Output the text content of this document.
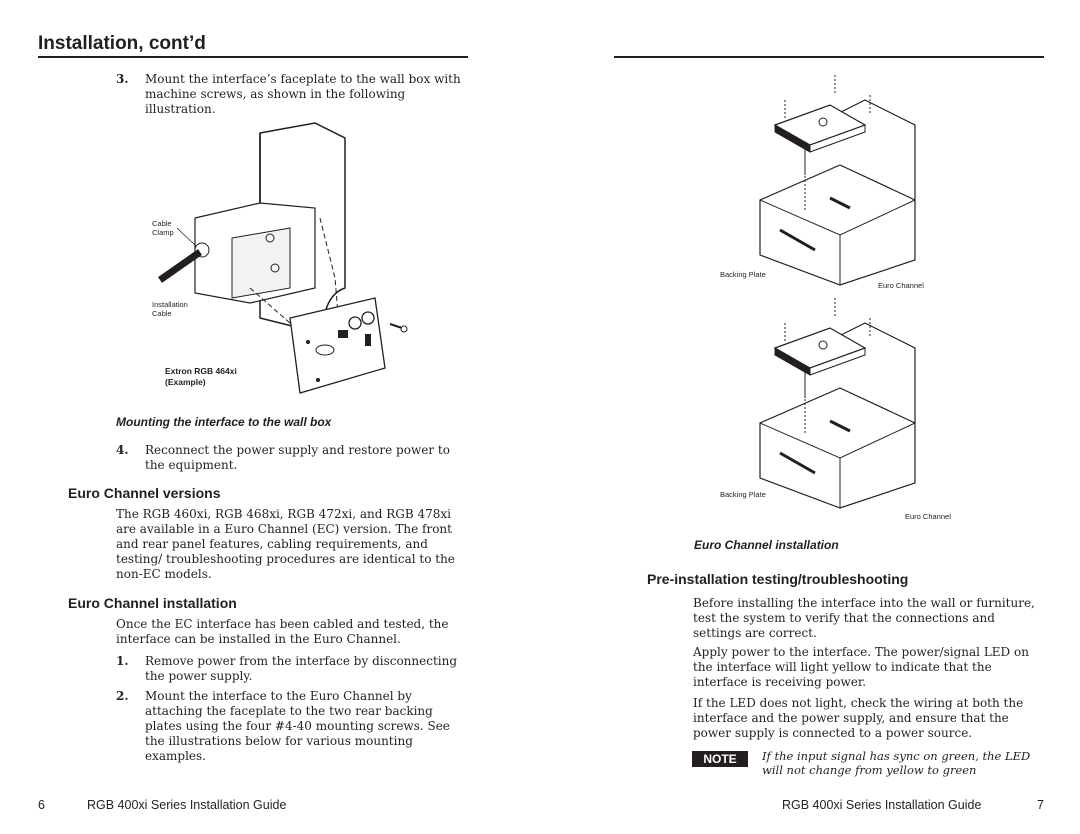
Installation, cont’d
3. Mount the interface’s faceplate to the wall box with machine screws, as shown in the following illustration.
Cable Clamp
Installation Cable
Extron RGB 464xi (Example)
Mounting the interface to the wall box
4. Reconnect the power supply and restore power to the equipment.
Euro Channel versions
The RGB 460xi, RGB 468xi, RGB 472xi, and RGB 478xi are available in a Euro Channel (EC) version. The front and rear panel features, cabling requirements, and testing/ troubleshooting procedures are identical to the non-EC models.
Euro Channel installation
Once the EC interface has been cabled and tested, the interface can be installed in the Euro Channel.
1. Remove power from the interface by disconnecting the power supply.
2. Mount the interface to the Euro Channel by attaching the faceplate to the two rear backing plates using the four #4-40 mounting screws. See the illustrations below for various mounting examples.
Backing Plate
Euro Channel
Backing Plate
Euro Channel
Euro Channel installation
Pre-installation testing/troubleshooting
Before installing the interface into the wall or furniture, test the system to verify that the connections and settings are correct.
Apply power to the interface. The power/signal LED on the interface will light yellow to indicate that the interface is receiving power.
If the LED does not light, check the wiring at both the interface and the power supply, and ensure that the power supply is connected to a power source.
NOTE	If the input signal has sync on green, the LED will not change from yellow to green
6	RGB 400xi Series Installation Guide	RGB 400xi Series Installation Guide	7
